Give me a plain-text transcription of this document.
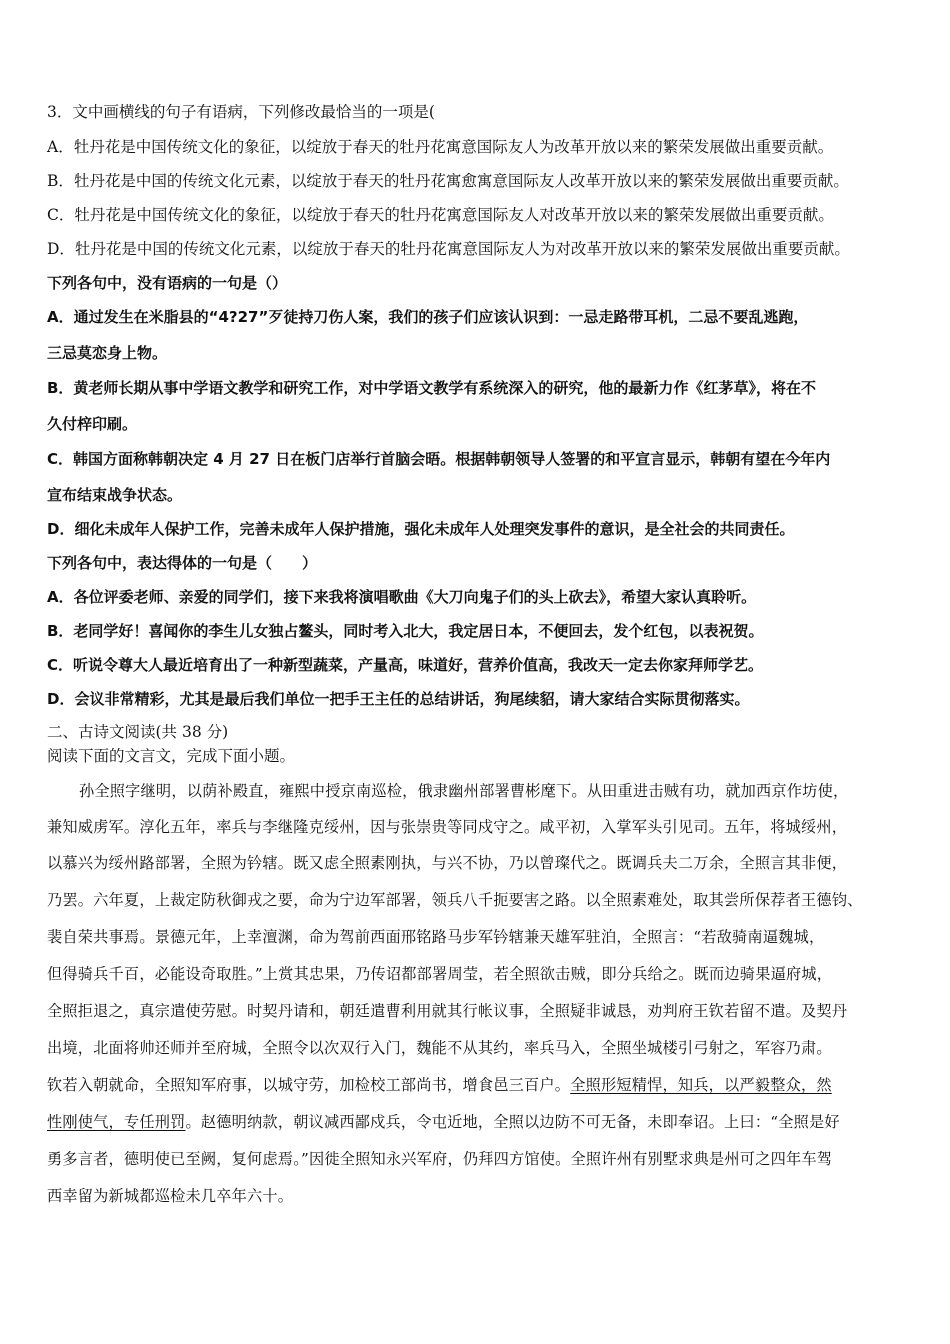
3．文中画横线的句子有语病，下列修改最恰当的一项是(
A．牡丹花是中国传统文化的象征，以绽放于春天的牡丹花寓意国际友人为改革开放以来的繁荣发展做出重要贡献。
B．牡丹花是中国的传统文化元素，以绽放于春天的牡丹花寓愈寓意国际友人改革开放以来的繁荣发展做出重要贡献。
C．牡丹花是中国传统文化的象征，以绽放于春天的牡丹花寓意国际友人对改革开放以来的繁荣发展做出重要贡献。
D．牡丹花是中国的传统文化元素，以绽放于春天的牡丹花寓意国际友人为对改革开放以来的繁荣发展做出重要贡献。
下列各句中，没有语病的一句是（）
A．通过发生在米脂县的“4?27”歹徒持刀伤人案，我们的孩子们应该认识到：一忌走路带耳机，二忌不要乱逃跑，
三忌莫恋身上物。
B．黄老师长期从事中学语文教学和研究工作，对中学语文教学有系统深入的研究，他的最新力作《红茅草》，将在不
久付梓印刷。
C．韩国方面称韩朝决定 4 月 27 日在板门店举行首脑会晤。根据韩朝领导人签署的和平宣言显示，韩朝有望在今年内
宣布结束战争状态。
D．细化未成年人保护工作，完善未成年人保护措施，强化未成年人处理突发事件的意识，是全社会的共同责任。
下列各句中，表达得体的一句是（　　）
A．各位评委老师、亲爱的同学们，接下来我将演唱歌曲《大刀向鬼子们的头上砍去》，希望大家认真聆听。
B．老同学好！喜闻你的李生儿女独占鳌头，同时考入北大，我定居日本，不便回去，发个红包，以表祝贺。
C．听说令尊大人最近培育出了一种新型蔬菜，产量高，味道好，营养价值高，我改天一定去你家拜师学艺。
D．会议非常精彩，尤其是最后我们单位一把手王主任的总结讲话，狗尾续貂，请大家结合实际贯彻落实。
二、古诗文阅读(共 38 分)
阅读下面的文言文，完成下面小题。
孙全照字继明，以荫补殿直，雍熙中授京南巡检，俄隶幽州部署曹彬麾下。从田重进击贼有功，就加西京作坊使，
兼知威虏军。淳化五年，率兵与李继隆克绥州，因与张崇贵等同戍守之。咸平初，入掌军头引见司。五年，将城绥州，
以慕兴为绥州路部署，全照为钤辖。既又虑全照素刚执，与兴不协，乃以曾璨代之。既调兵夫二万余，全照言其非便，
乃罢。六年夏，上裁定防秋御戎之要，命为宁边军部署，领兵八千扼要害之路。以全照素难处，取其尝所保荐者王德钧、
裴自荣共事焉。景德元年，上幸澶渊，命为驾前西面邢铭路马步军钤辖兼天雄军驻泊，全照言：“若敌骑南逼魏城，
但得骑兵千百，必能设奇取胜。”上赏其忠果，乃传诏都部署周莹，若全照欲击贼，即分兵给之。既而边骑果逼府城，
全照拒退之，真宗遣使劳慰。时契丹请和，朝廷遣曹利用就其行帐议事，全照疑非诚恳，劝判府王钦若留不遣。及契丹
出境，北面将帅还师并至府城，全照令以次双行入门，魏能不从其约，率兵马入，全照坐城楼引弓射之，军容乃肃。
钦若入朝就命，全照知军府事，以城守劳，加检校工部尚书，增食邑三百户。全照形短精悍，知兵，以严毅整众，然
性刚使气，专任刑罚。赵德明纳款，朝议减西鄙戍兵，令屯近地，全照以边防不可无备，未即奉诏。上曰：“全照是好
勇多言者，德明使已至阙，复何虑焉。”因徙全照知永兴军府，仍拜四方馆使。全照许州有别墅求典是州可之四年车驾
西幸留为新城都巡检未几卒年六十。
